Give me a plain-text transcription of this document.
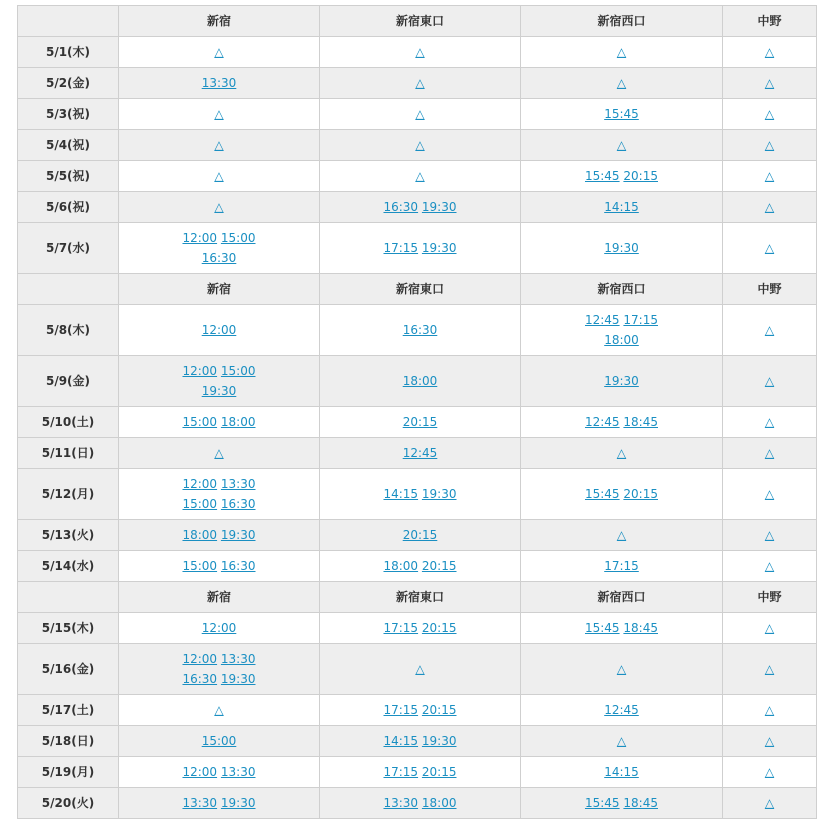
	新宿	新宿東口	新宿西口	中野
5/1(木)	△	△	△	△

5/2(金)	13:30	△	△	△

5/3(祝)	△	△	15:45	△

5/4(祝)	△	△	△	△

5/5(祝)	△	△	15:45 20:15	△

5/6(祝)	△	16:30 19:30	14:15	△

5/7(水)	12:00 15:00
16:30	17:15 19:30	19:30	△

	新宿	新宿東口	新宿西口	中野
5/8(木)	12:00	16:30	12:45 17:15
18:00	△

5/9(金)	12:00 15:00
19:30	18:00	19:30	△

5/10(土)	15:00 18:00	20:15	12:45 18:45	△

5/11(日)	△	12:45	△	△

5/12(月)	12:00 13:30
15:00 16:30	14:15 19:30	15:45 20:15	△

5/13(火)	18:00 19:30	20:15	△	△

5/14(水)	15:00 16:30	18:00 20:15	17:15	△

	新宿	新宿東口	新宿西口	中野
5/15(木)	12:00	17:15 20:15	15:45 18:45	△

5/16(金)	12:00 13:30
16:30 19:30	△	△	△

5/17(土)	△	17:15 20:15	12:45	△

5/18(日)	15:00	14:15 19:30	△	△

5/19(月)	12:00 13:30	17:15 20:15	14:15	△

5/20(火)	13:30 19:30	13:30 18:00	15:45 18:45	△
